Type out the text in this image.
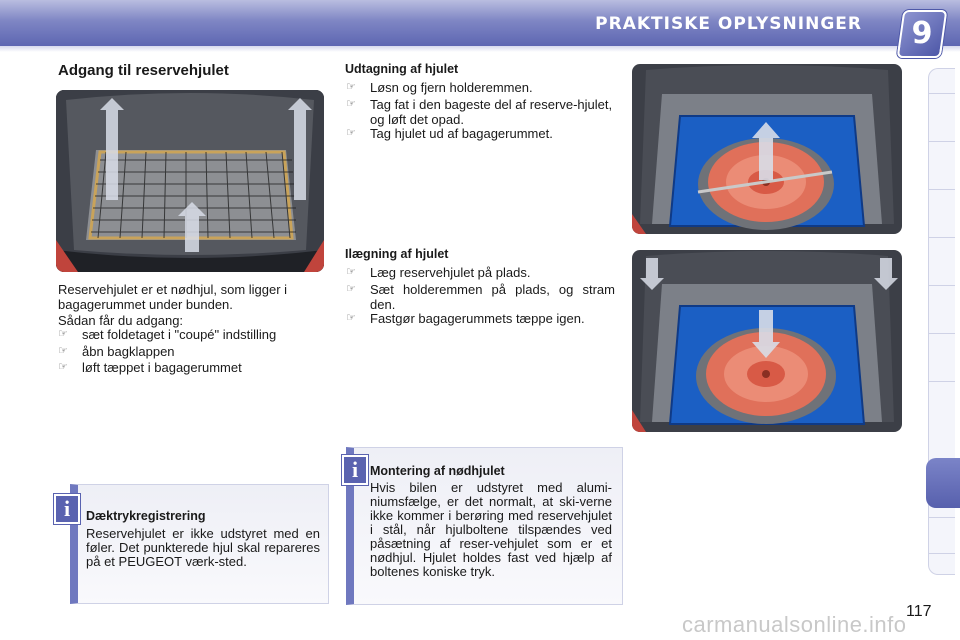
PRAKTISKE OPLYSNINGER	9
Adgang til reservehjulet
Reservehjulet er et nødhjul, som ligger i bagagerummet under bunden.
Sådan får du adgang:
☞ sæt foldetaget i "coupé" indstilling
☞ åbn bagklappen
☞ løft tæppet i bagagerummet
Dæktrykregistrering
Reservehjulet er ikke udstyret med en føler. Det punkterede hjul skal repareres på et PEUGEOT værk-sted.
i
Udtagning af hjulet
☞ Løsn og fjern holderemmen.
☞ Tag fat i den bageste del af reserve-hjulet, og løft det opad.
☞ Tag hjulet ud af bagagerummet.
Ilægning af hjulet
☞ Læg reservehjulet på plads.
☞ Sæt holderemmen på plads, og stram den.
☞ Fastgør bagagerummets tæppe igen.
Montering af nødhjulet
Hvis bilen er udstyret med alumi-niumsfælge, er det normalt, at ski-verne ikke kommer i berøring med reservehjulet i stål, når hjulboltene tilspændes ved påsætning af reser-vehjulet som er et nødhjul. Hjulet holdes fast ved hjælp af boltenes koniske tryk.
i
117
carmanualsonline.info
